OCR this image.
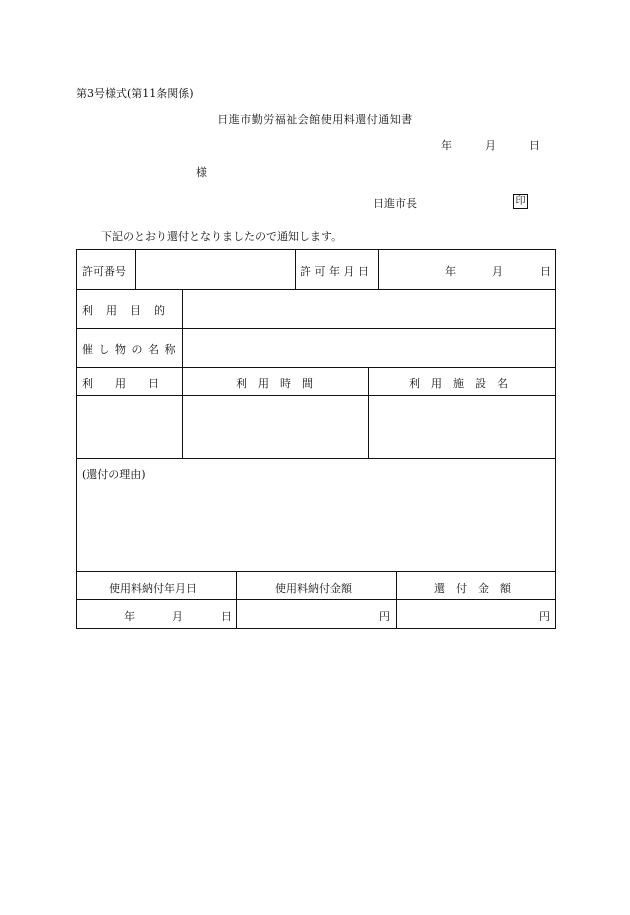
第3号様式(第11条関係)
日進市勤労福祉会館使用料還付通知書
年	月	日
様
日進市長	印
下記のとおり還付となりましたので通知します。
許可番号	許 可 年 月 日	年	月	日
利　用　目　的
催 し 物 の 名 称
利　　用　　日	利　用　時　間	利　用　施　設　名
(還付の理由)
使用料納付年月日	使用料納付金額	還　付　金　額
年	月	日	円	円
